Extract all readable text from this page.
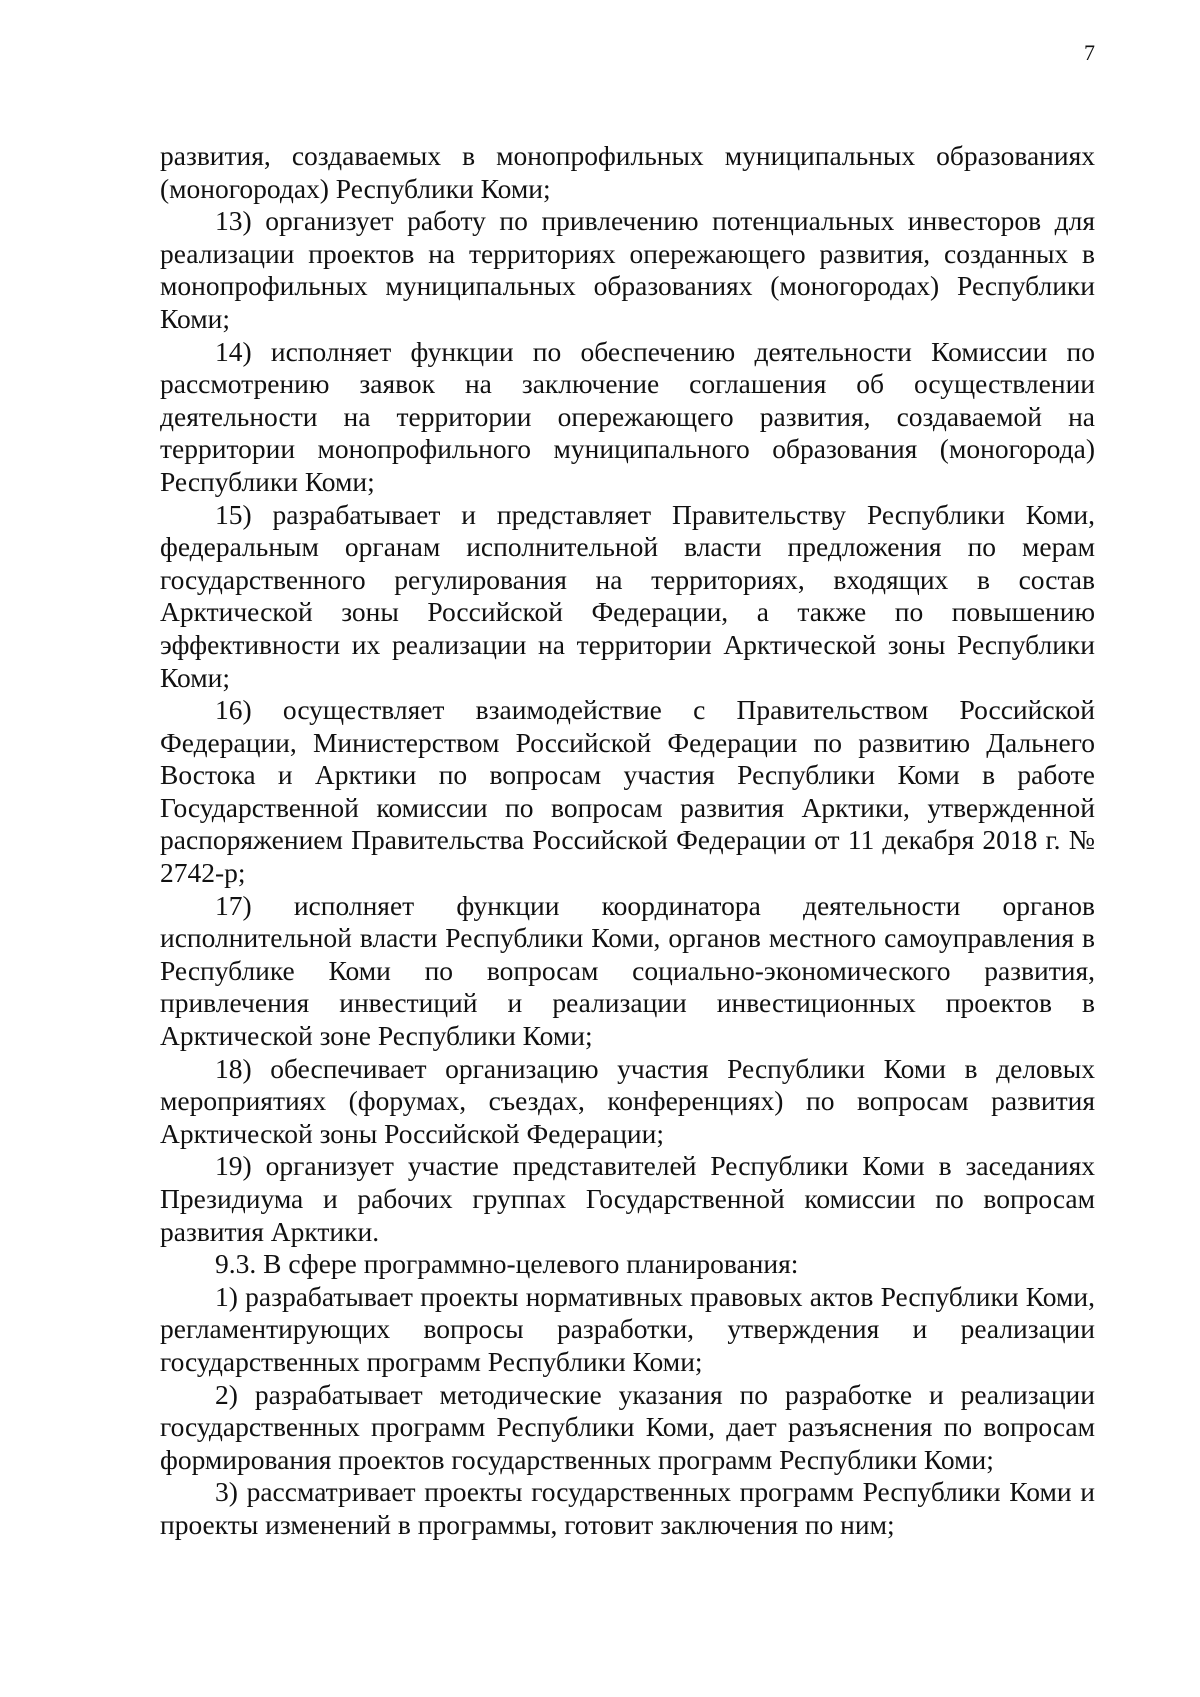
7

развития, создаваемых в монопрофильных муниципальных образованиях (моногородах) Республики Коми;

13) организует работу по привлечению потенциальных инвесторов для реализации проектов на территориях опережающего развития, созданных в монопрофильных муниципальных образованиях (моногородах) Республики Коми;

14) исполняет функции по обеспечению деятельности Комиссии по рассмотрению заявок на заключение соглашения об осуществлении деятельности на территории опережающего развития, создаваемой на территории монопрофильного муниципального образования (моногорода) Республики Коми;

15) разрабатывает и представляет Правительству Республики Коми, федеральным органам исполнительной власти предложения по мерам государственного регулирования на территориях, входящих в состав Арктической зоны Российской Федерации, а также по повышению эффективности их реализации на территории Арктической зоны Республики Коми;

16) осуществляет взаимодействие с Правительством Российской Федерации, Министерством Российской Федерации по развитию Дальнего Востока и Арктики по вопросам участия Республики Коми в работе Государственной комиссии по вопросам развития Арктики, утвержденной распоряжением Правительства Российской Федерации от 11 декабря 2018 г. № 2742-р;

17) исполняет функции координатора деятельности органов исполнительной власти Республики Коми, органов местного самоуправления в Республике Коми по вопросам социально-экономического развития, привлечения инвестиций и реализации инвестиционных проектов в Арктической зоне Республики Коми;

18) обеспечивает организацию участия Республики Коми в деловых мероприятиях (форумах, съездах, конференциях) по вопросам развития Арктической зоны Российской Федерации;

19) организует участие представителей Республики Коми в заседаниях Президиума и рабочих группах Государственной комиссии по вопросам развития Арктики.

9.3. В сфере программно-целевого планирования:

1) разрабатывает проекты нормативных правовых актов Республики Коми, регламентирующих вопросы разработки, утверждения и реализации государственных программ Республики Коми;

2) разрабатывает методические указания по разработке и реализации государственных программ Республики Коми, дает разъяснения по вопросам формирования проектов государственных программ Республики Коми;

3) рассматривает проекты государственных программ Республики Коми и проекты изменений в программы, готовит заключения по ним;
